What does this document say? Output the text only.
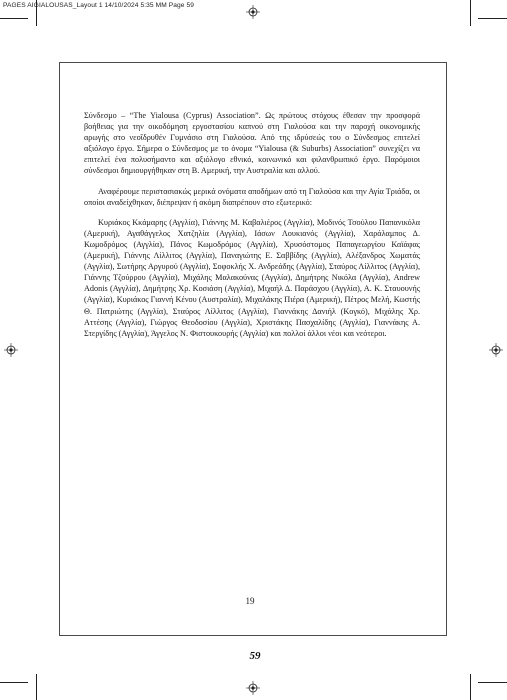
PAGES AIGIALOUSAS_Layout 1 14/10/2024 5:35 ΜΜ Page 59

Σύνδεσμο – “The Yialousa (Cyprus) Association”. Ως πρώτους στόχους έθεσαν την προσφορά βοήθειας για την οικοδόμηση εργοστασίου καπνού στη Γιαλούσα και την παροχή οικονομικής αρωγής στο νεοΐδρυθέν Γυμνάσιο στη Γιαλούσα. Από της ιδρύσεώς του ο Σύνδεσμος επιτελεί αξιόλογο έργο. Σήμερα ο Σύνδεσμος με το όνομα “Yialousa (& Suburbs) Association” συνεχίζει να επιτελεί ένα πολυσήμαντο και αξιόλογο εθνικό, κοινωνικό και φιλανθρωπικό έργο. Παρόμοιοι σύνδεσμοι δημιουργήθηκαν στη Β. Αμερική, την Αυστραλία και αλλού.

Αναφέρουμε περιστασιακώς μερικά ονόματα αποδήμων από τη Γιαλούσα και την Αγία Τριάδα, οι οποίοι αναδείχθηκαν, διέπρεψαν ή ακόμη διαπρέπουν στο εξωτερικό:

Κυριάκος Κκάμαρης (Αγγλία), Γιάννης Μ. Καβαλιέρος (Αγγλία), Μοδινός Τσούλου Παπανικόλα (Αμερική), Αγαθάγγελος Χατζηλία (Αγγλία), Ιάσων Λουκιανός (Αγγλία), Χαράλαμπος Δ. Κωμοδρόμος (Αγγλία), Πάνος Κωμοδρόμος (Αγγλία), Χρυσόστομος Παπαγεωργίου Καϊάφας (Αμερική), Γιάννης Λίλλιτος (Αγγλία), Παναγιώτης Ε. Σαββίδης (Αγγλία), Αλέξανδρος Χωματάς (Αγγλία), Σωτήρης Αργυρού (Αγγλία), Σοφοκλής Χ. Ανδρεάδης (Αγγλία), Σταύρος Λίλλιτος (Αγγλία), Γιάννης Τζούρρου (Αγγλία), Μιχάλης Μαλακούνας (Αγγλία), Δημήτρης Νικόλα (Αγγλία), Andrew Adonis (Αγγλία), Δημήτρης Χρ. Κοσιάση (Αγγλία), Μιχαήλ Δ. Παράσχου (Αγγλία), Α. Κ. Σταυουνής (Αγγλία), Κυριάκος Γιαννή Κένου (Αυστραλία), Μιχαλάκης Πιέρα (Αμερική), Πέτρος Μελή, Κωστής Θ. Πατριώτης (Αγγλία), Σταύρος Λίλλιτος (Αγγλία), Γιαννάκης Δανιήλ (Κογκό), Μιχάλης Χρ. Αττέσης (Αγγλία), Γιώργος Θεοδοσίου (Αγγλία), Χριστάκης Πασχαλίδης (Αγγλία), Γιαννάκης Α. Στεργίδης (Αγγλία), Άγγελος Ν. Φιστουκουρής (Αγγλία) και πολλοί άλλοι νέοι και νεότεροι.

19
59
